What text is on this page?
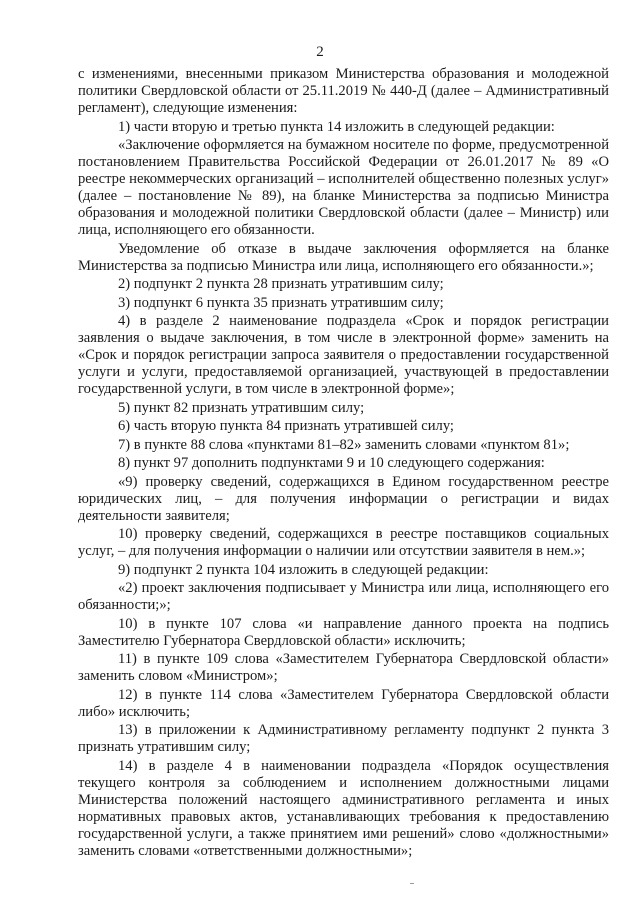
2

с изменениями, внесенными приказом Министерства образования и молодежной политики Свердловской области от 25.11.2019 № 440-Д (далее – Административный регламент), следующие изменения:

1) части вторую и третью пункта 14 изложить в следующей редакции:

«Заключение оформляется на бумажном носителе по форме, предусмотренной постановлением Правительства Российской Федерации от 26.01.2017 № 89 «О реестре некоммерческих организаций – исполнителей общественно полезных услуг» (далее – постановление № 89), на бланке Министерства за подписью Министра образования и молодежной политики Свердловской области (далее – Министр) или лица, исполняющего его обязанности.

Уведомление об отказе в выдаче заключения оформляется на бланке Министерства за подписью Министра или лица, исполняющего его обязанности.»;

2) подпункт 2 пункта 28 признать утратившим силу;

3) подпункт 6 пункта 35 признать утратившим силу;

4) в разделе 2 наименование подраздела «Срок и порядок регистрации заявления о выдаче заключения, в том числе в электронной форме» заменить на «Срок и порядок регистрации запроса заявителя о предоставлении государственной услуги и услуги, предоставляемой организацией, участвующей в предоставлении государственной услуги, в том числе в электронной форме»;

5) пункт 82 признать утратившим силу;

6) часть вторую пункта 84 признать утратившей силу;

7) в пункте 88 слова «пунктами 81–82» заменить словами «пунктом 81»;

8) пункт 97 дополнить подпунктами 9 и 10 следующего содержания:

«9) проверку сведений, содержащихся в Едином государственном реестре юридических лиц, – для получения информации о регистрации и видах деятельности заявителя;

10) проверку сведений, содержащихся в реестре поставщиков социальных услуг, – для получения информации о наличии или отсутствии заявителя в нем.»;

9) подпункт 2 пункта 104 изложить в следующей редакции:

«2) проект заключения подписывает у Министра или лица, исполняющего его обязанности;»;

10) в пункте 107 слова «и направление данного проекта на подпись Заместителю Губернатора Свердловской области» исключить;

11) в пункте 109 слова «Заместителем Губернатора Свердловской области» заменить словом «Министром»;

12) в пункте 114 слова «Заместителем Губернатора Свердловской области либо» исключить;

13) в приложении к Административному регламенту подпункт 2 пункта 3 признать утратившим силу;

14) в разделе 4 в наименовании подраздела «Порядок осуществления текущего контроля за соблюдением и исполнением должностными лицами Министерства положений настоящего административного регламента и иных нормативных правовых актов, устанавливающих требования к предоставлению государственной услуги, а также принятием ими решений» слово «должностными» заменить словами «ответственными должностными»;
